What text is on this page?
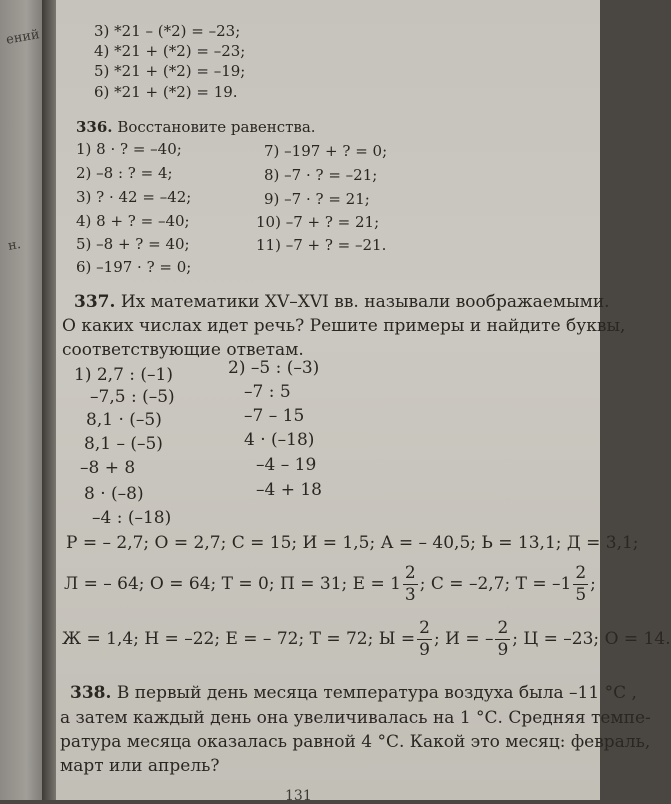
ений
н.
3) *21 – (*2) = –23;
4) *21 + (*2) = –23;
5) *21 + (*2) = –19;
6) *21 + (*2) = 19.
336. Восстановите равенства.
1) 8 · ? = –40;
2) –8 : ? = 4;
3) ? · 42 = –42;
4) 8 + ? = –40;
5) –8 + ? = 40;
6) –197 · ? = 0;
7) –197 + ? = 0;
8) –7 · ? = –21;
9) –7 · ? = 21;
10) –7 + ? = 21;
11) –7 + ? = –21.
337. Их математики XV–XVI вв. называли воображаемыми.
О каких числах идет речь? Решите примеры и найдите буквы,
соответствующие ответам.
1) 2,7 : (–1)
–7,5 : (–5)
8,1 · (–5)
8,1 – (–5)
–8 + 8
8 · (–8)
–4 : (–18)
2) –5 : (–3)
–7 : 5
–7 – 15
4 · (–18)
–4 – 19
–4 + 18
Р = – 2,7; О = 2,7; С = 15; И = 1,5; А = – 40,5; Ь = 13,1; Д = 3,1;
Л = – 64; О = 64; Т = 0; П = 31; $Е = 1 \frac{2}{3}$ ; С = –2,7; $Т = -1 \frac{2}{5}$ ;
Ж = 1,4; Н = –22; Е = – 72; Т = 72; $Ы = \frac{2}{9}$ ; И = – $\frac{2}{9}$ ; Ц = –23; О = 14.
338. В первый день месяца температура воздуха была –11 °С ,
а затем каждый день она увеличивалась на 1 °С. Средняя темпе-
ратура месяца оказалась равной 4 °С. Какой это месяц: февраль,
март или апрель?
131
